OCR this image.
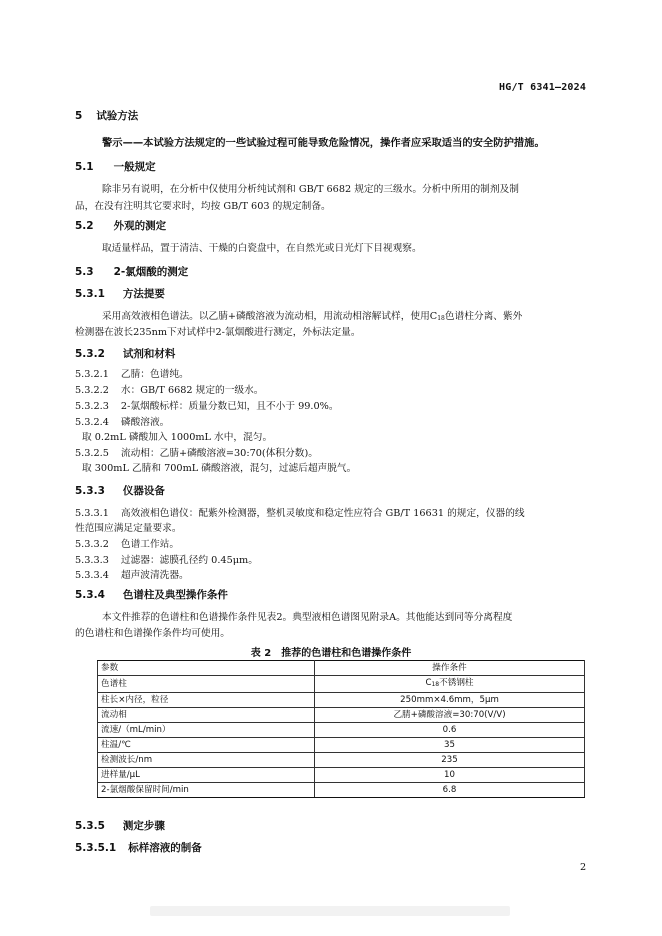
HG/T 6341—2024
5 试验方法
警示——本试验方法规定的一些试验过程可能导致危险情况，操作者应采取适当的安全防护措施。
5.1 一般规定
除非另有说明，在分析中仅使用分析纯试剂和 GB/T 6682 规定的三级水。分析中所用的制剂及制
品，在没有注明其它要求时，均按 GB/T 603 的规定制备。
5.2 外观的测定
取适量样品，置于清洁、干燥的白瓷盘中，在自然光或日光灯下目视观察。
5.3 2-氯烟酸的测定
5.3.1 方法提要
采用高效液相色谱法。以乙腈+磷酸溶液为流动相，用流动相溶解试样，使用C18色谱柱分离、紫外
检测器在波长235nm下对试样中2-氯烟酸进行测定，外标法定量。
5.3.2 试剂和材料
5.3.2.1 乙腈：色谱纯。
5.3.2.2 水：GB/T 6682 规定的一级水。
5.3.2.3 2-氯烟酸标样：质量分数已知，且不小于 99.0%。
5.3.2.4 磷酸溶液。
取 0.2mL 磷酸加入 1000mL 水中，混匀。
5.3.2.5 流动相：乙腈+磷酸溶液=30:70(体积分数)。
取 300mL 乙腈和 700mL 磷酸溶液，混匀，过滤后超声脱气。
5.3.3 仪器设备
5.3.3.1 高效液相色谱仪：配紫外检测器，整机灵敏度和稳定性应符合 GB/T 16631 的规定，仪器的线
性范围应满足定量要求。
5.3.3.2 色谱工作站。
5.3.3.3 过滤器：滤膜孔径约 0.45μm。
5.3.3.4 超声波清洗器。
5.3.4 色谱柱及典型操作条件
本文件推荐的色谱柱和色谱操作条件见表2。典型液相色谱图见附录A。其他能达到同等分离程度
的色谱柱和色谱操作条件均可使用。
表 2　推荐的色谱柱和色谱操作条件
参数	操作条件
色谱柱	C18不锈钢柱
柱长×内径，粒径	250mm×4.6mm，5μm
流动相	乙腈+磷酸溶液=30:70(V/V)
流速/（mL/min）	0.6
柱温/℃	35
检测波长/nm	235
进样量/μL	10
2-氯烟酸保留时间/min	6.8
5.3.5 测定步骤
5.3.5.1 标样溶液的制备
2
